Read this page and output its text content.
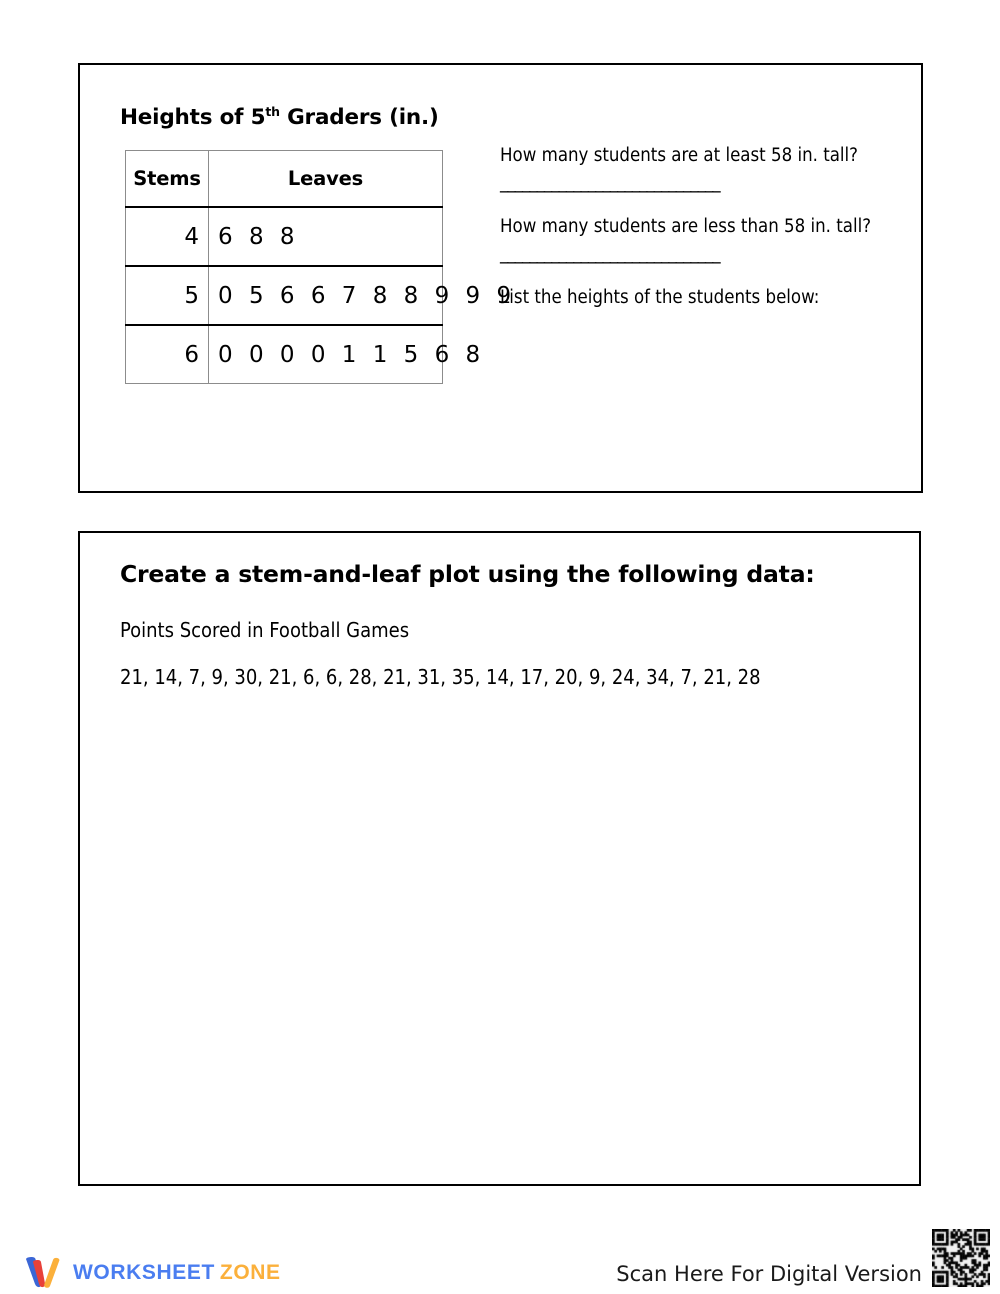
Heights of 5th Graders (in.)
Stems	Leaves
4	6 8 8
5	0 5 6 6 7 8 8 9 9 9
6	0 0 0 0 1 1 5 6 8
How many students are at least 58 in. tall? ______________________________
How many students are less than 58 in. tall? ______________________________
List the heights of the students below:
Create a stem-and-leaf plot using the following data:
Points Scored in Football Games
21, 14, 7, 9, 30, 21, 6, 6, 28, 21, 31, 35, 14, 17, 20, 9, 24, 34, 7, 21, 28
WORKSHEET ZONE	Scan Here For Digital Version
